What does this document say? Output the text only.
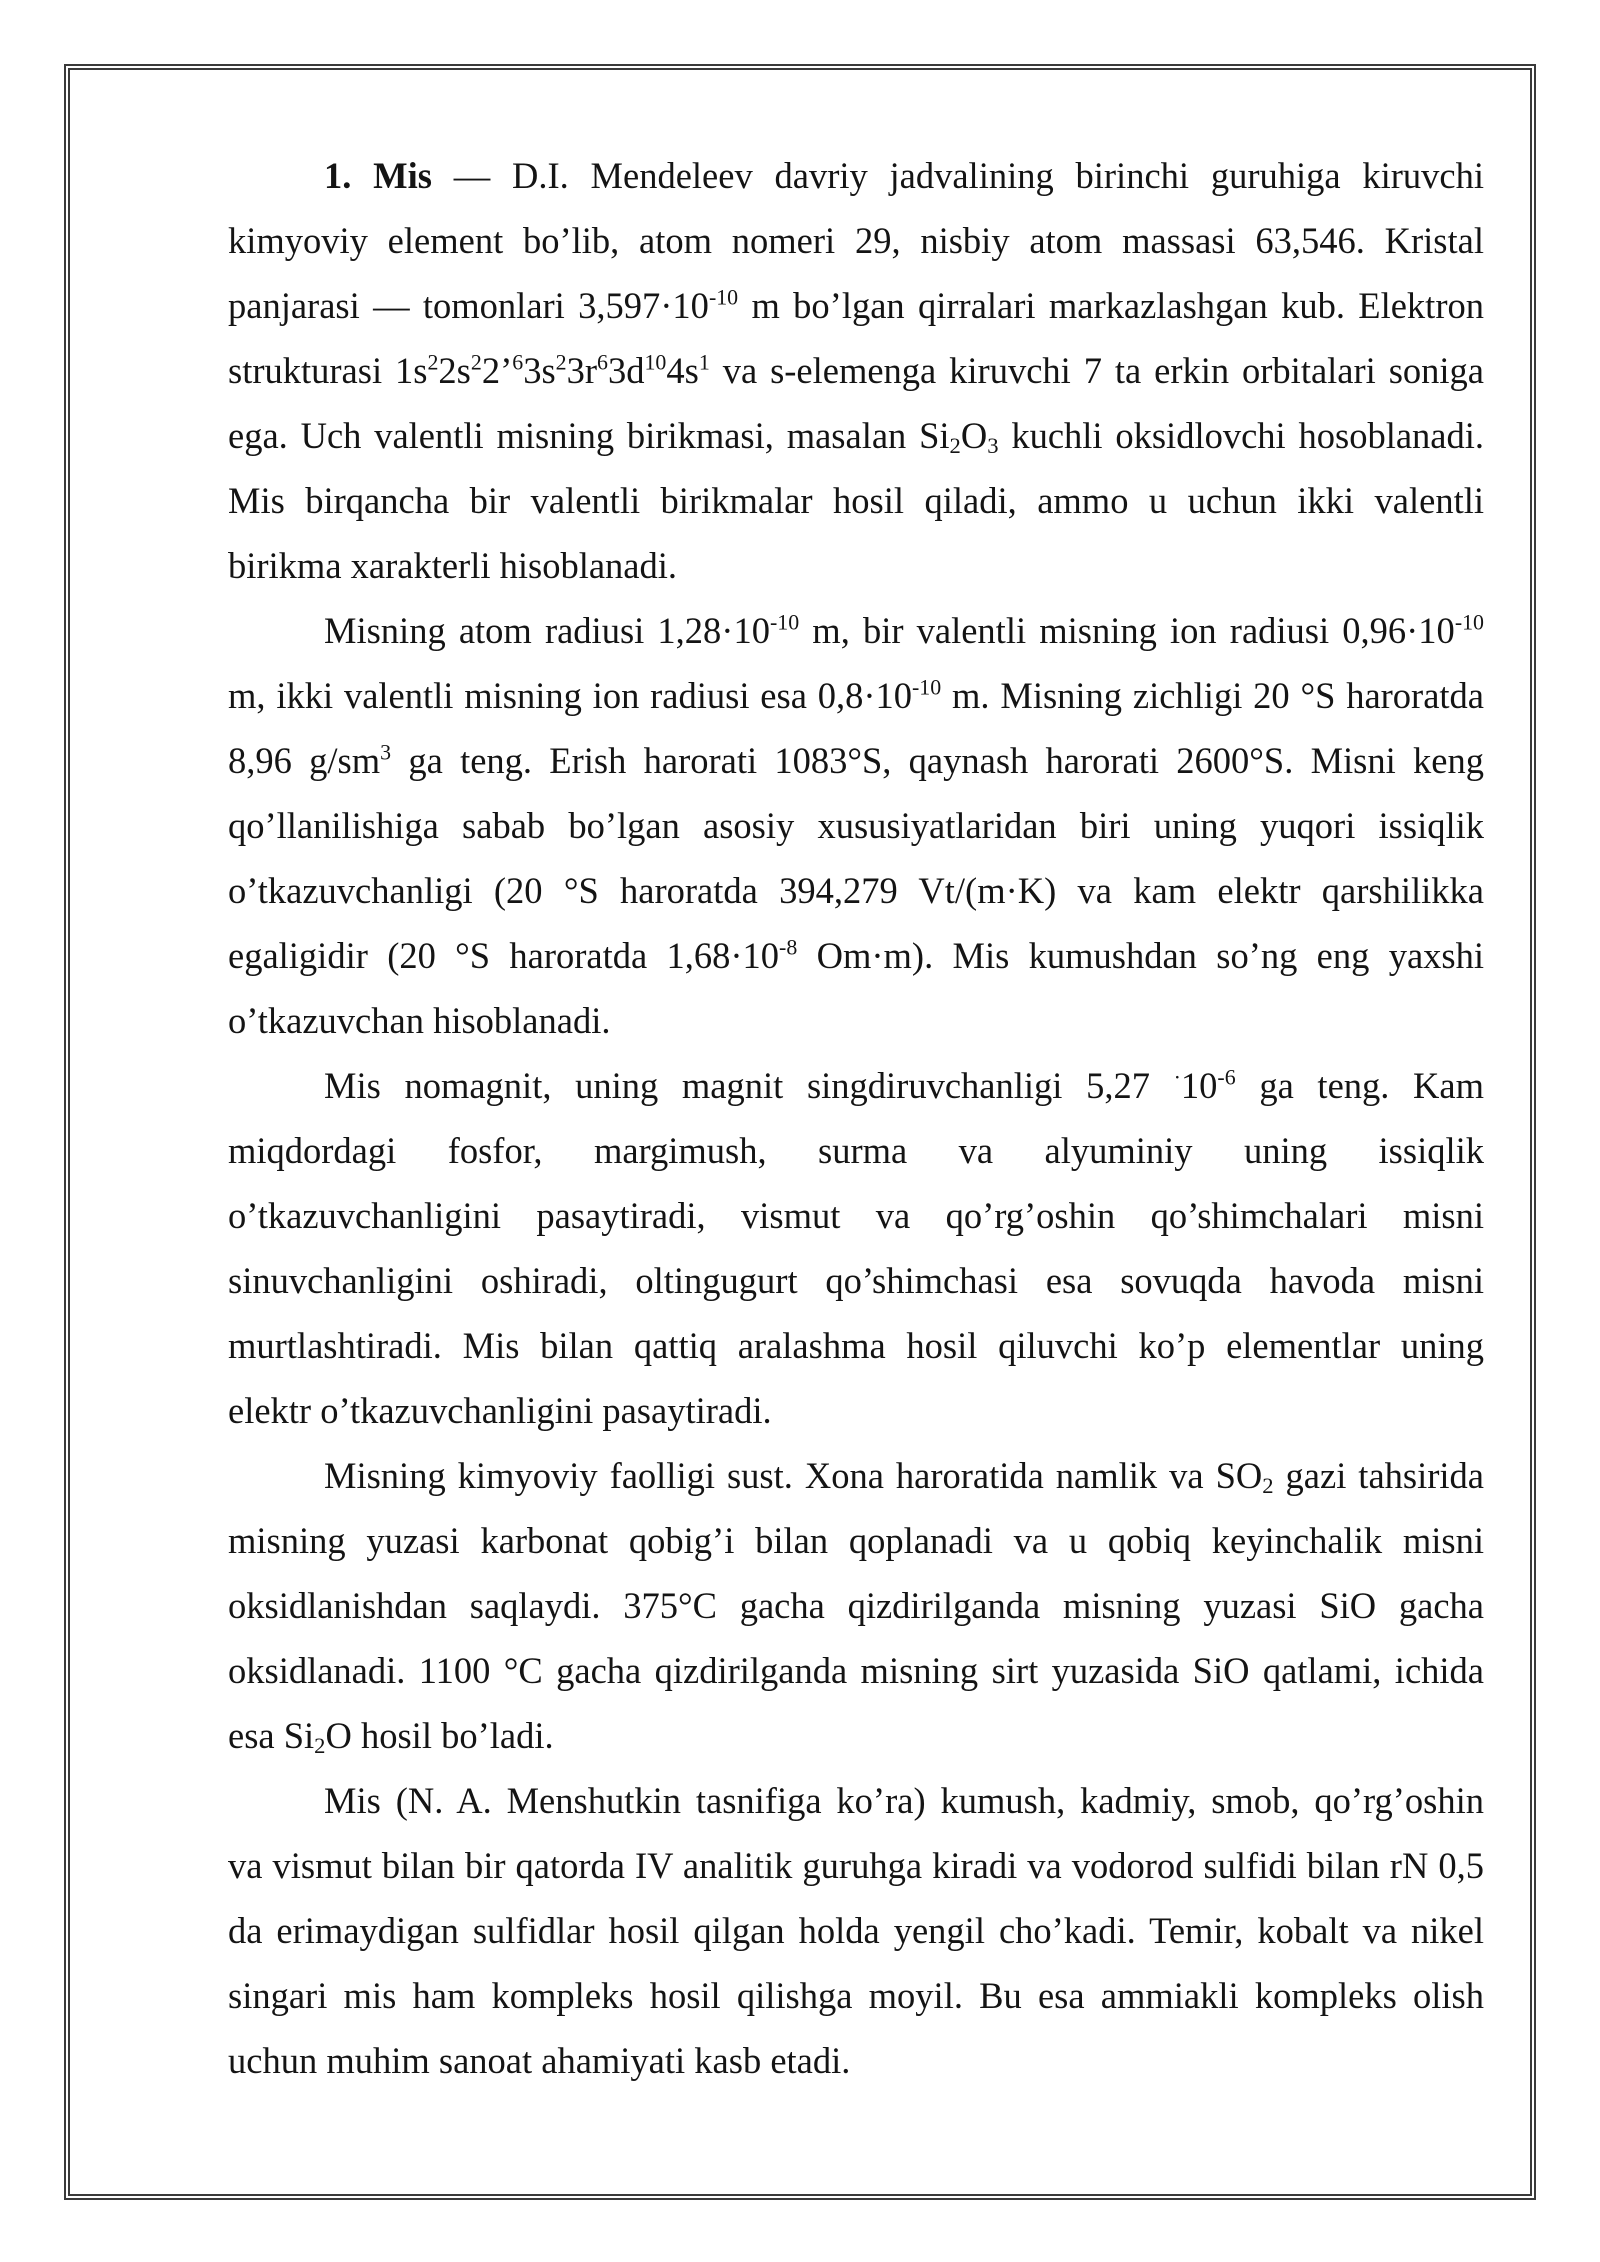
1. Mis — D.I. Mendeleev davriy jadvalining birinchi guruhiga kiruvchi
kimyoviy element bo’lib, atom nomeri 29, nisbiy atom massasi 63,546. Kristal
panjarasi — tomonlari $3,597\cdot 10^{-10}$ m bo’lgan qirralari markazlashgan kub. Elektron
strukturasi $1s^22s^22’^63s^23r^63d^{10}4s^1$ va s-elemenga kiruvchi 7 ta erkin orbitalari soniga
ega. Uch valentli misning birikmasi, masalan $Si_2O_3$ kuchli oksidlovchi hosoblanadi.
Mis birqancha bir valentli birikmalar hosil qiladi, ammo u uchun ikki valentli
birikma xarakterli hisoblanadi.
Misning atom radiusi $1,28\cdot 10^{-10}$ m, bir valentli misning ion radiusi $0,96\cdot 10^{-10}$
m, ikki valentli misning ion radiusi esa $0,8\cdot 10^{-10}$ m. Misning zichligi 20 °S haroratda
8,96 $g/sm^3$ ga teng. Erish harorati 1083°S, qaynash harorati 2600°S. Misni keng
qo’llanilishiga sabab bo’lgan asosiy xususiyatlaridan biri uning yuqori issiqlik
o’tkazuvchanligi (20 °S haroratda 394,279 Vt/(m·K) va kam elektr qarshilikka
egaligidir (20 °S haroratda $1,68\cdot 10^{-8}$ Om·m). Mis kumushdan so’ng eng yaxshi
o’tkazuvchan hisoblanadi.
Mis nomagnit, uning magnit singdiruvchanligi 5,27 $^\cdot 10^{-6}$ ga teng. Kam
miqdordagi fosfor, margimush, surma va alyuminiy uning issiqlik
o’tkazuvchanligini pasaytiradi, vismut va qo’rg’oshin qo’shimchalari misni
sinuvchanligini oshiradi, oltingugurt qo’shimchasi esa sovuqda havoda misni
murtlashtiradi. Mis bilan qattiq aralashma hosil qiluvchi ko’p elementlar uning
elektr o’tkazuvchanligini pasaytiradi.
Misning kimyoviy faolligi sust. Xona haroratida namlik va $SO_2$ gazi tahsirida
misning yuzasi karbonat qobig’i bilan qoplanadi va u qobiq keyinchalik misni
oksidlanishdan saqlaydi. 375°C gacha qizdirilganda misning yuzasi SiO gacha
oksidlanadi. 1100 °C gacha qizdirilganda misning sirt yuzasida SiO qatlami, ichida
esa $Si_2O$ hosil bo’ladi.
Mis (N. A. Menshutkin tasnifiga ko’ra) kumush, kadmiy, smob, qo’rg’oshin
va vismut bilan bir qatorda IV analitik guruhga kiradi va vodorod sulfidi bilan rN 0,5
da erimaydigan sulfidlar hosil qilgan holda yengil cho’kadi. Temir, kobalt va nikel
singari mis ham kompleks hosil qilishga moyil. Bu esa ammiakli kompleks olish
uchun muhim sanoat ahamiyati kasb etadi.
